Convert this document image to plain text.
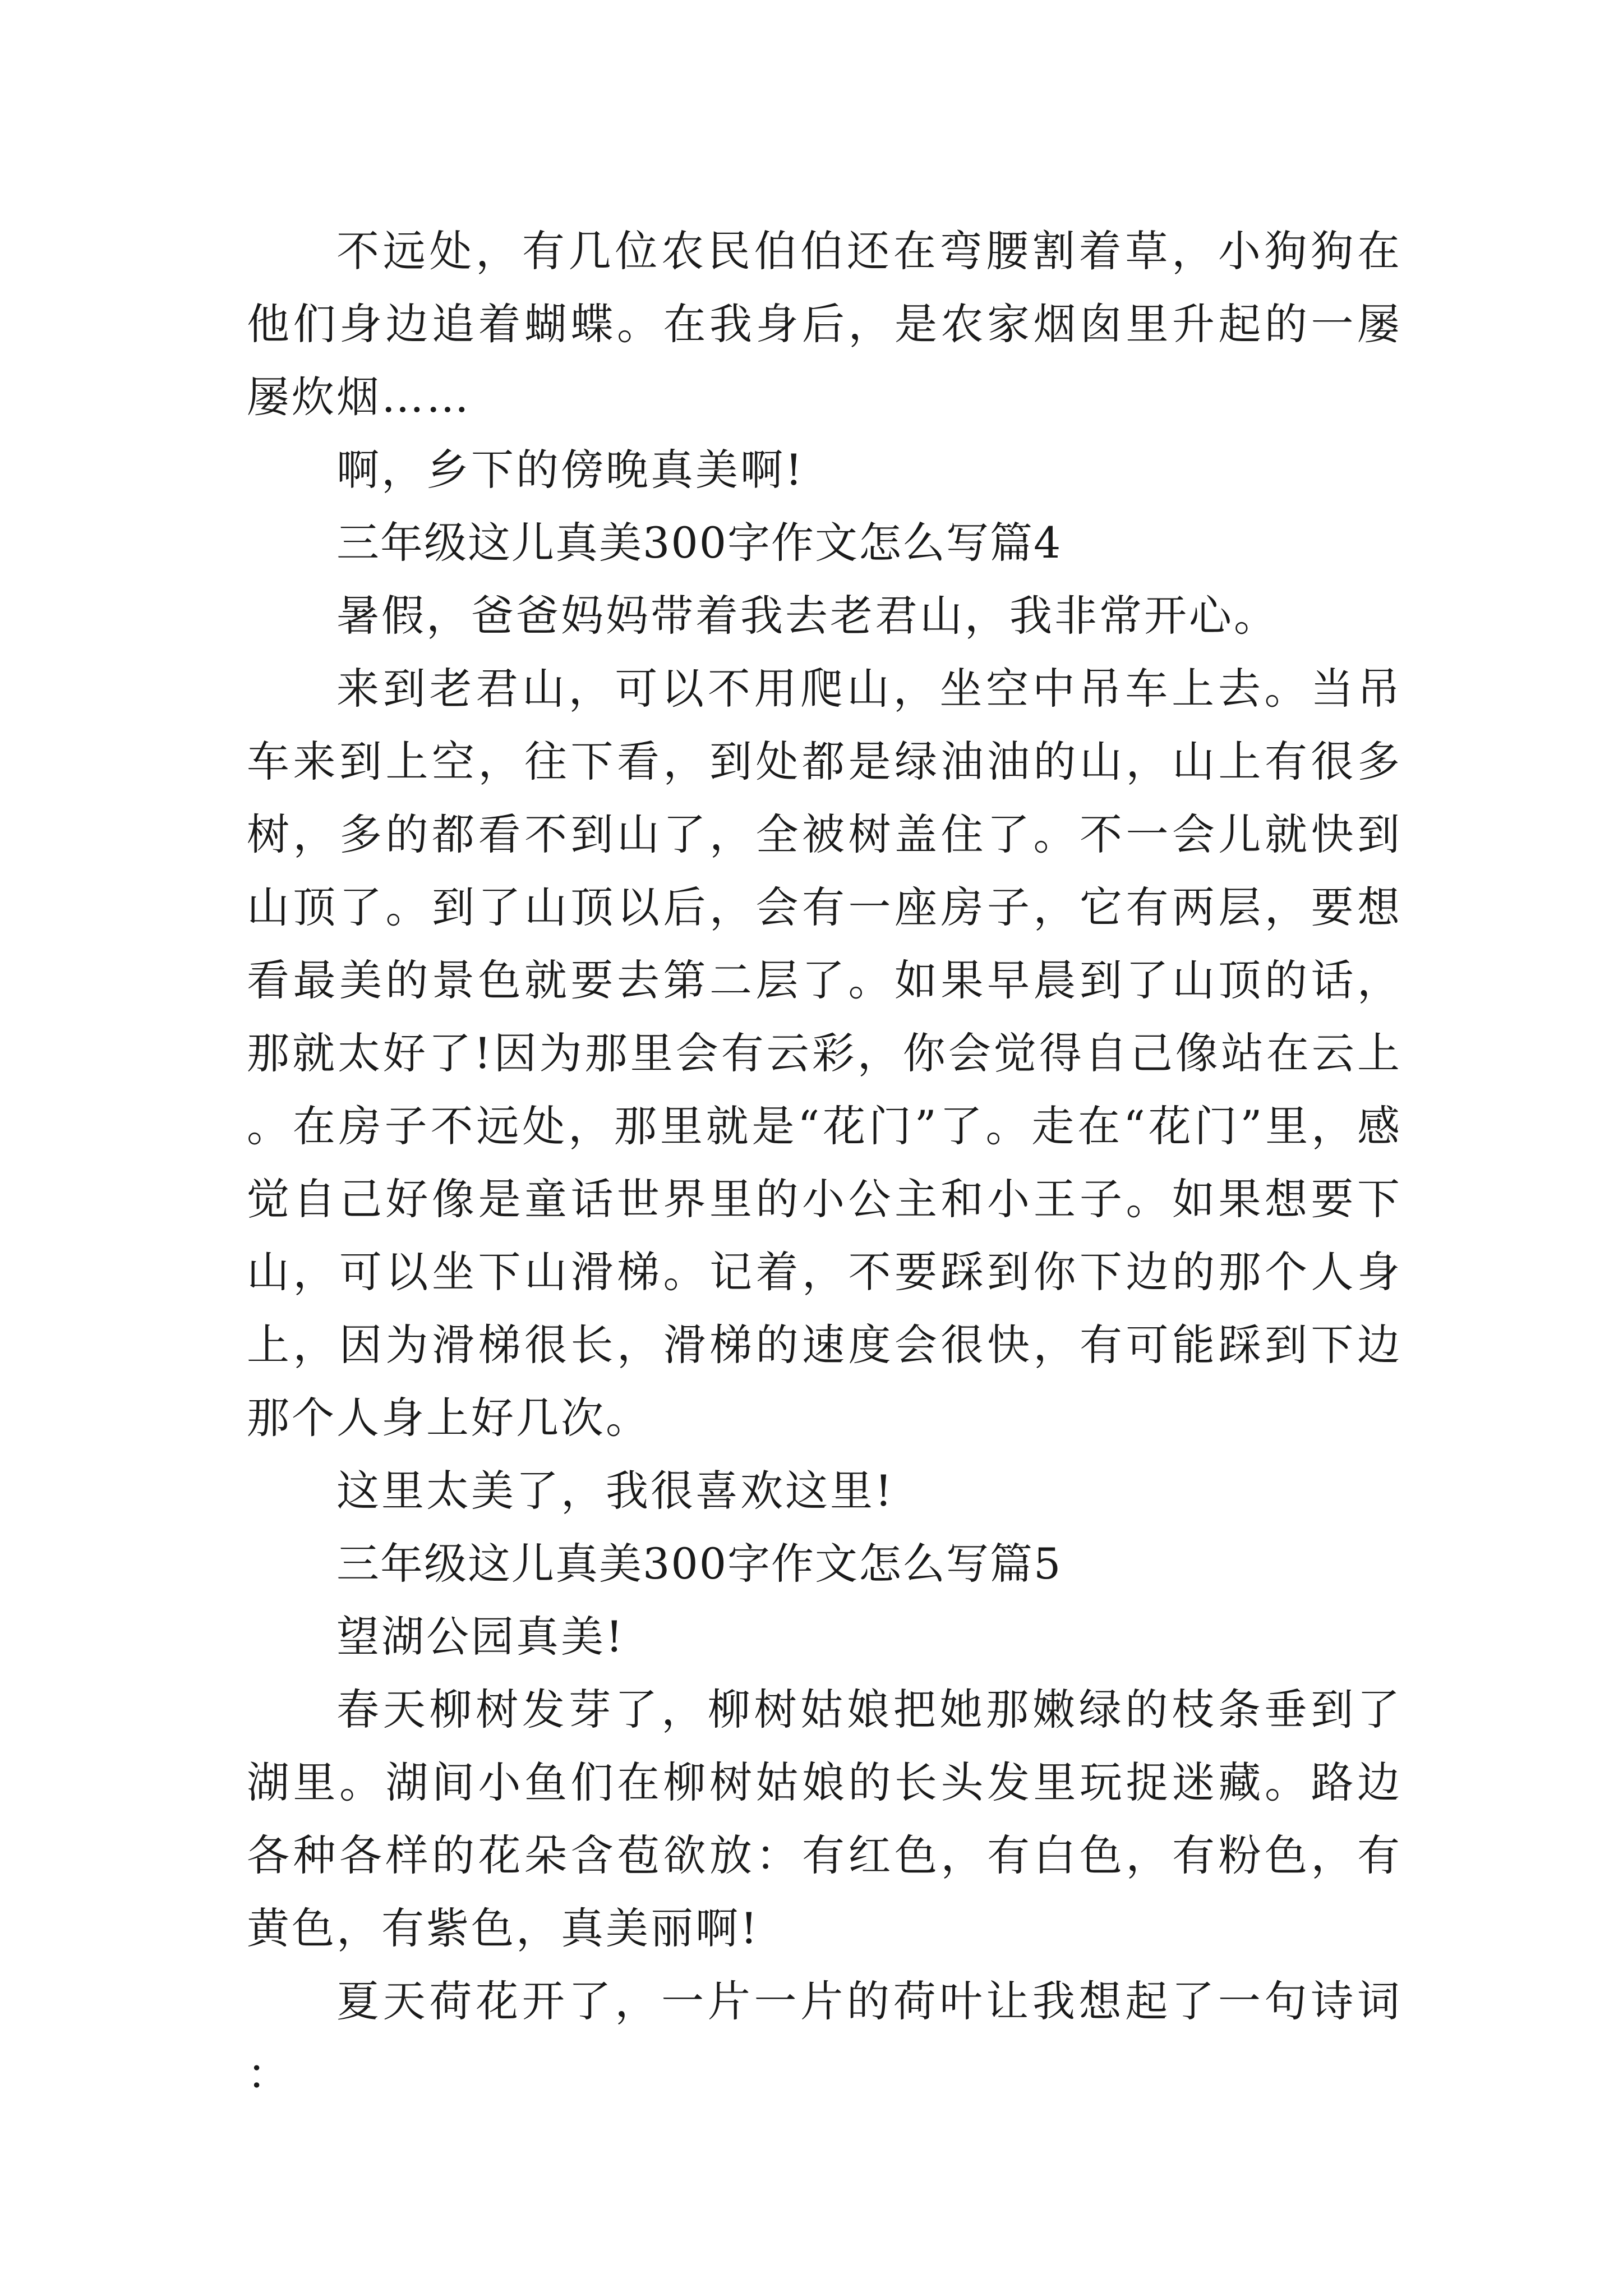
不远处，有几位农民伯伯还在弯腰割着草，小狗狗在他们身边追着蝴蝶。在我身后，是农家烟囱里升起的一屡屡炊烟……

啊，乡下的傍晚真美啊!

三年级这儿真美300字作文怎么写篇4

暑假，爸爸妈妈带着我去老君山，我非常开心。

来到老君山，可以不用爬山，坐空中吊车上去。当吊车来到上空，往下看，到处都是绿油油的山，山上有很多树，多的都看不到山了，全被树盖住了。不一会儿就快到山顶了。到了山顶以后，会有一座房子，它有两层，要想看最美的景色就要去第二层了。如果早晨到了山顶的话，那就太好了!因为那里会有云彩，你会觉得自己像站在云上。在房子不远处，那里就是“花门”了。走在“花门”里，感觉自己好像是童话世界里的小公主和小王子。如果想要下山，可以坐下山滑梯。记着，不要踩到你下边的那个人身上，因为滑梯很长，滑梯的速度会很快，有可能踩到下边那个人身上好几次。

这里太美了，我很喜欢这里!

三年级这儿真美300字作文怎么写篇5

望湖公园真美!

春天柳树发芽了，柳树姑娘把她那嫩绿的枝条垂到了湖里。湖间小鱼们在柳树姑娘的长头发里玩捉迷藏。路边各种各样的花朵含苞欲放：有红色，有白色，有粉色，有黄色，有紫色，真美丽啊!

夏天荷花开了，一片一片的荷叶让我想起了一句诗词：
